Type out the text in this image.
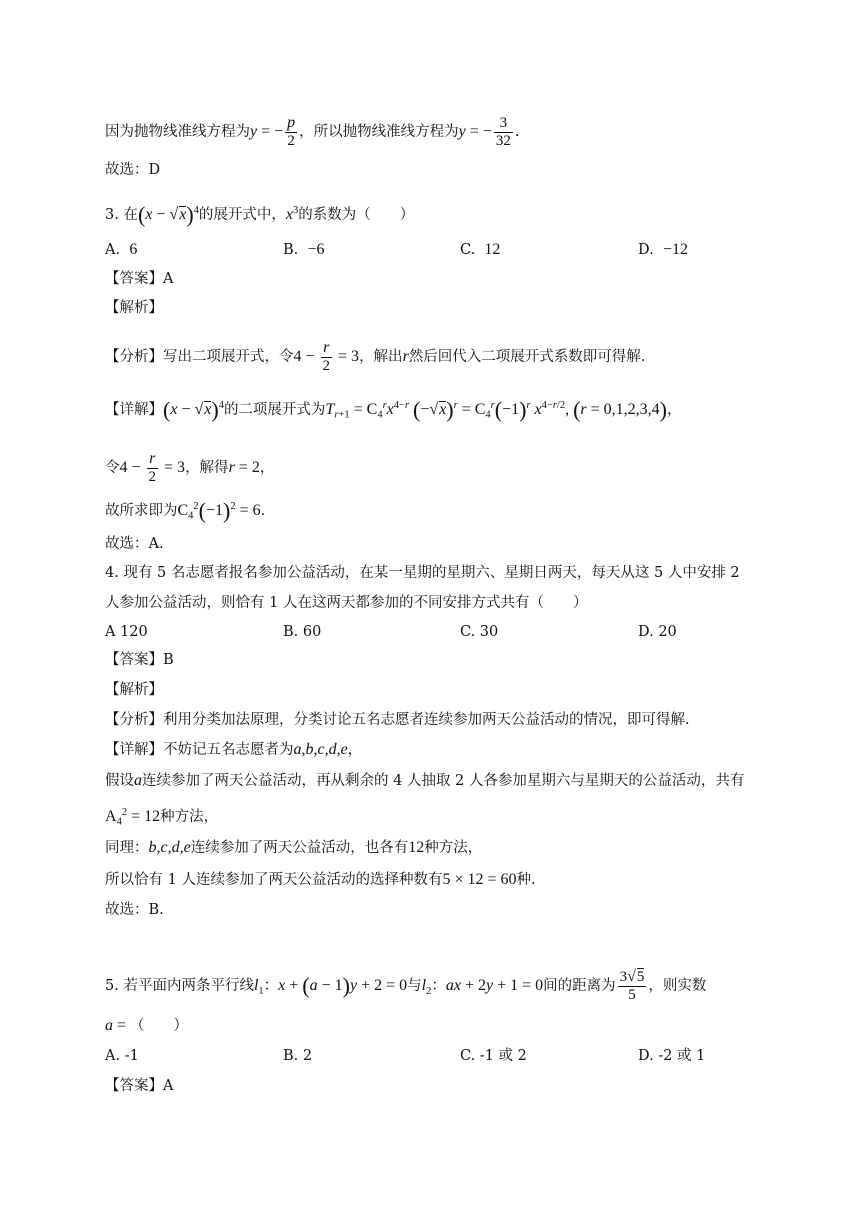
因为抛物线准线方程为y = − $\frac{p}{2}$ ，所以抛物线准线方程为y = − $\frac{3}{32}$ .
故选：D
3. 在$(x - √x)^4$的展开式中，$x^3$的系数为（　　）
A. 6	B. −6	C. 12	D. −12
【答案】A
【解析】
【分析】写出二项展开式，令$4 - \frac{r}{2} = 3$，解出r然后回代入二项展开式系数即可得解.
【详解】$(x - √x)^4$的二项展开式为$T_{r+1} = C_4^rx^{4-r}$ $(-√x)^r = C_4^r(-1)^r$ $x^{4-r/2}$, (r = 0,1,2,3,4)，
令$4 - \frac{r}{2} = 3$，解得r = 2，
故所求即为$C_4^2(-1)^2 = 6$.
故选：A.
4. 现有 5 名志愿者报名参加公益活动，在某一星期的星期六、星期日两天，每天从这 5 人中安排 2
人参加公益活动，则恰有 1 人在这两天都参加的不同安排方式共有（　　）
A 120	B. 60	C. 30	D. 20
【答案】B
【解析】
【分析】利用分类加法原理，分类讨论五名志愿者连续参加两天公益活动的情况，即可得解.
【详解】不妨记五名志愿者为a,b,c,d,e，
假设a连续参加了两天公益活动，再从剩余的 4 人抽取 2 人各参加星期六与星期天的公益活动，共有
$A_4^2 = 12$种方法，
同理：b,c,d,e连续参加了两天公益活动，也各有12种方法，
所以恰有 1 人连续参加了两天公益活动的选择种数有5 × 12 = 60种.
故选：B.
5. 若平面内两条平行线$l_1$：x + (a − 1)y + 2 = 0与$l_2$：ax + 2y + 1 = 0间的距离为 $\frac{3√5}{5}$ ，则实数
a = （　　）
A. -1	B. 2	C. -1 或 2	D. -2 或 1
【答案】A
